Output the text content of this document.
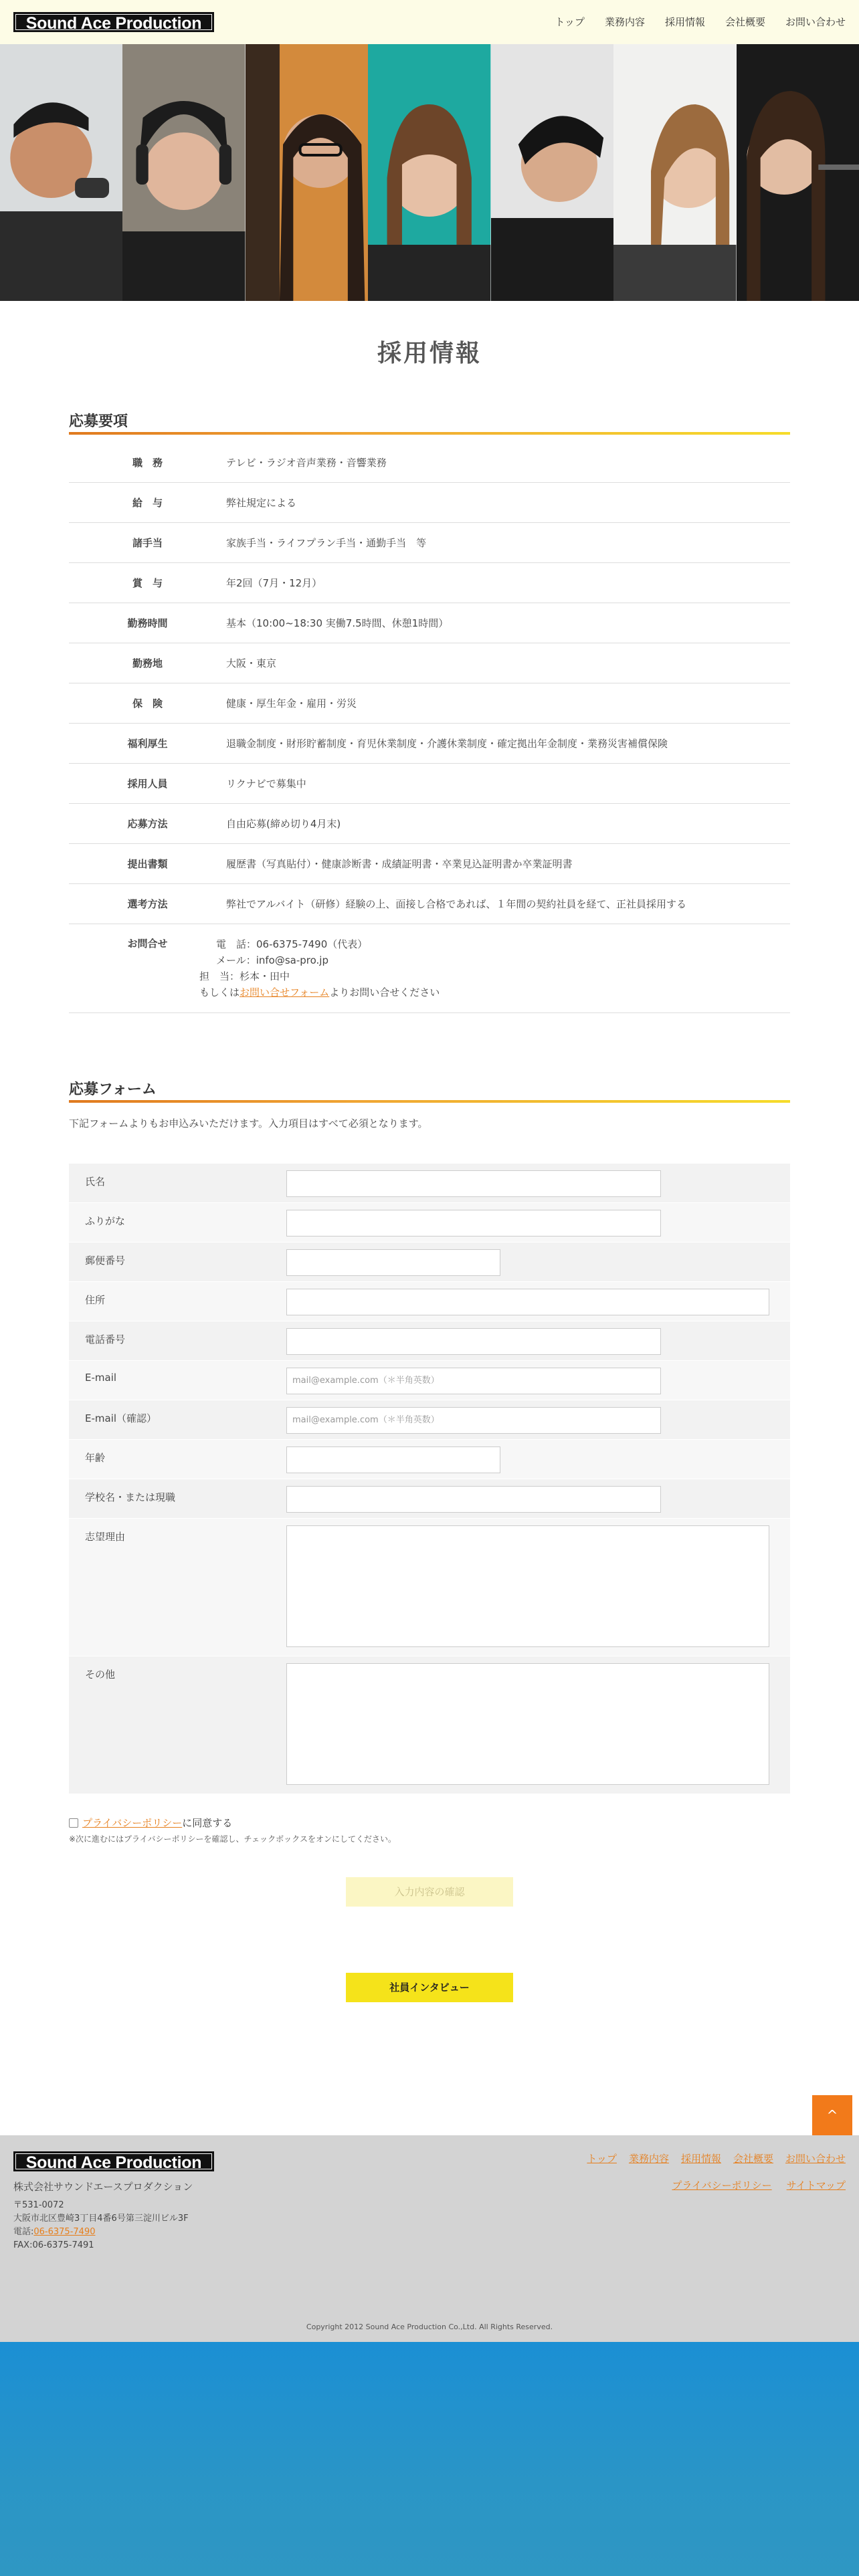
Sound Ace Production	トップ 業務内容 採用情報 会社概要 お問い合わせ
採用情報
応募要項
職　務	テレビ・ラジオ音声業務・音響業務
給　与	弊社規定による
諸手当	家族手当・ライフプラン手当・通勤手当　等
賞　与	年2回（7月・12月）
勤務時間	基本（10:00~18:30 実働7.5時間、休憩1時間）
勤務地	大阪・東京
保　険	健康・厚生年金・雇用・労災
福利厚生	退職金制度・財形貯蓄制度・育児休業制度・介護休業制度・確定拠出年金制度・業務災害補償保険
採用人員	リクナビで募集中
応募方法	自由応募(締め切り4月末)
提出書類	履歴書（写真貼付）・健康診断書・成績証明書・卒業見込証明書か卒業証明書
選考方法	弊社でアルバイト（研修）経験の上、面接し合格であれば、１年間の契約社員を経て、正社員採用する
お問合せ	電　話：06-6375-7490（代表）
メール：info@sa-pro.jp
担　当：杉本・田中
もしくはお問い合せフォームよりお問い合せください
応募フォーム
下記フォームよりもお申込みいただけます。入力項目はすべて必須となります。
氏名
ふりがな
郵便番号
住所
電話番号
E-mail	mail@example.com（＊半角英数）
E-mail（確認）	mail@example.com（＊半角英数）
年齢
学校名・または現職
志望理由
その他
プライバシーポリシーに同意する
※次に進むにはプライバシーポリシーを確認し、チェックボックスをオンにしてください。
入力内容の確認
社員インタビュー
^
Sound Ace Production
株式会社サウンドエースプロダクション
〒531-0072
大阪市北区豊崎3丁目4番6号第三淀川ビル3F
電話:06-6375-7490
FAX:06-6375-7491
トップ 業務内容 採用情報 会社概要 お問い合わせ
プライバシーポリシー サイトマップ
Copyright 2012 Sound Ace Production Co.,Ltd. All Rights Reserved.
